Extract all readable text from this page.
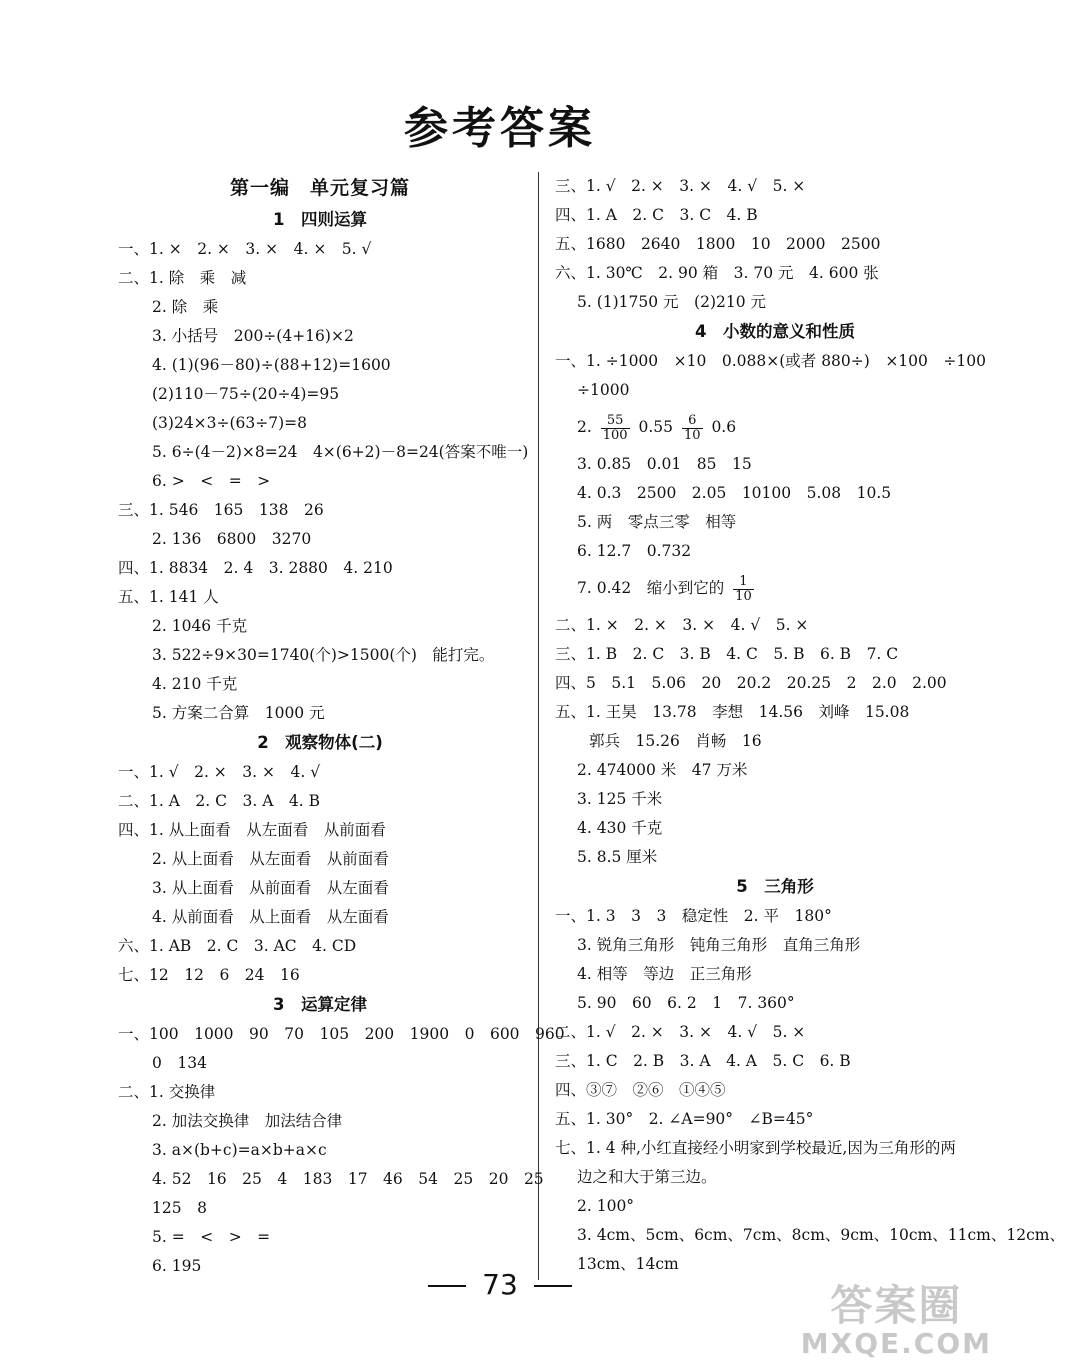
参考答案
第一编　单元复习篇
1　四则运算
一、1. ×　2. ×　3. ×　4. ×　5. √
二、1. 除　乘　减
2. 除　乘
3. 小括号　200÷(4+16)×2
4. (1)(96－80)÷(88+12)=1600
(2)110－75÷(20÷4)=95
(3)24×3÷(63÷7)=8
5. 6÷(4－2)×8=24　4×(6+2)－8=24(答案不唯一)
6. >　<　=　>
三、1. 546　165　138　26
2. 136　6800　3270
四、1. 8834　2. 4　3. 2880　4. 210
五、1. 141 人
2. 1046 千克
3. 522÷9×30=1740(个)>1500(个)　能打完。
4. 210 千克
5. 方案二合算　1000 元
2　观察物体(二)
一、1. √　2. ×　3. ×　4. √
二、1. A　2. C　3. A　4. B
四、1. 从上面看　从左面看　从前面看
2. 从上面看　从左面看　从前面看
3. 从上面看　从前面看　从左面看
4. 从前面看　从上面看　从左面看
六、1. AB　2. C　3. AC　4. CD
七、12　12　6　24　16
3　运算定律
一、100　1000　90　70　105　200　1900　0　600　960
0　134
二、1. 交换律
2. 加法交换律　加法结合律
3. a×(b+c)=a×b+a×c
4. 52　16　25　4　183　17　46　54　25　20　25
125　8
5. =　<　>　=
6. 195
三、1. √　2. ×　3. ×　4. √　5. ×
四、1. A　2. C　3. C　4. B
五、1680　2640　1800　10　2000　2500
六、1. 30℃　2. 90 箱　3. 70 元　4. 600 张
5. (1)1750 元　(2)210 元
4　小数的意义和性质
一、1. ÷1000　×10　0.088×(或者 880÷)　×100　÷100
÷1000
2. $\frac{55}{100} 0.55 \frac{6}{10} 0.6$
3. 0.85　0.01　85　15
4. 0.3　2500　2.05　10100　5.08　10.5
5. 两　零点三零　相等
6. 12.7　0.732
7. 0.42　缩小到它的 $\frac{1}{10}$
二、1. ×　2. ×　3. ×　4. √　5. ×
三、1. B　2. C　3. B　4. C　5. B　6. B　7. C
四、5　5.1　5.06　20　20.2　20.25　2　2.0　2.00
五、1. 王昊　13.78　李想　14.56　刘峰　15.08
郭兵　15.26　肖畅　16
2. 474000 米　47 万米
3. 125 千米
4. 430 千克
5. 8.5 厘米
5　三角形
一、1. 3　3　3　稳定性　2. 平　180°
3. 锐角三角形　钝角三角形　直角三角形
4. 相等　等边　正三角形
5. 90　60　6. 2　1　7. 360°
二、1. √　2. ×　3. ×　4. √　5. ×
三、1. C　2. B　3. A　4. A　5. C　6. B
四、③⑦　②⑥　①④⑤
五、1. 30°　2. ∠A=90°　∠B=45°
七、1. 4 种,小红直接经小明家到学校最近,因为三角形的两
边之和大于第三边。
2. 100°
3. 4cm、5cm、6cm、7cm、8cm、9cm、10cm、11cm、12cm、
13cm、14cm
73	答案圈
MXQE.COM
